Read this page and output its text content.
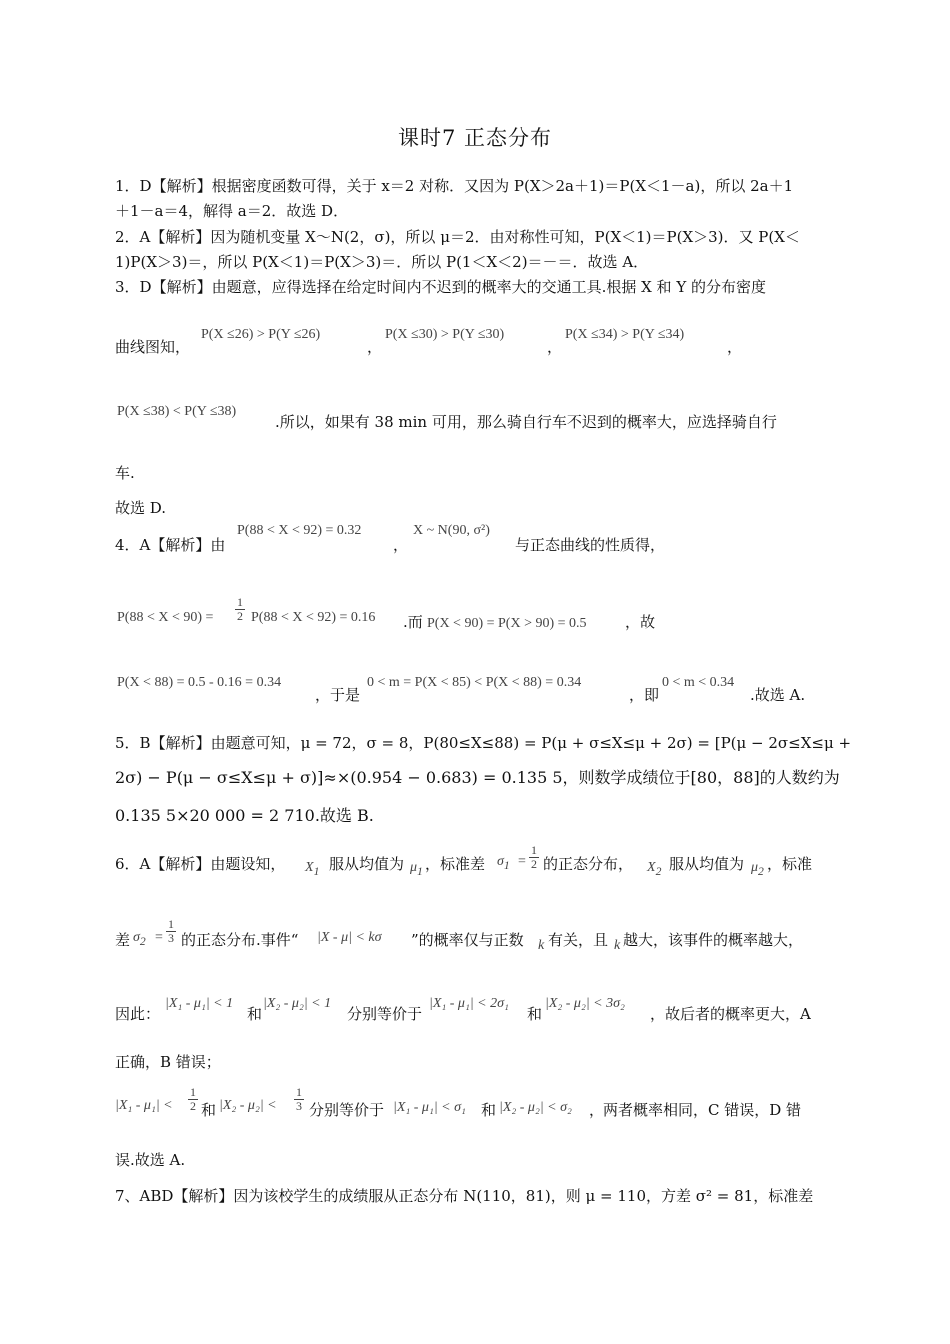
课时7 正态分布
1．D【解析】根据密度函数可得，关于 x＝2 对称．又因为 P(X＞2a＋1)＝P(X＜1－a)，所以 2a＋1
＋1－a＝4，解得 a＝2．故选 D．
2．A【解析】因为随机变量 X～N(2，σ)，所以 μ＝2．由对称性可知，P(X＜1)＝P(X＞3)．又 P(X＜
1)P(X＞3)＝，所以 P(X＜1)＝P(X＞3)＝．所以 P(1＜X＜2)＝－＝．故选 A．
3．D【解析】由题意，应得选择在给定时间内不迟到的概率大的交通工具.根据 X 和 Y 的分布密度
曲线图知，
P(X ≤26) > P(Y ≤26)
，
P(X ≤30) > P(Y ≤30)
，
P(X ≤34) > P(Y ≤34)
，
P(X ≤38) < P(Y ≤38)
.所以，如果有 38 min 可用，那么骑自行车不迟到的概率大，应选择骑自行
车.
故选 D.
4．A【解析】由
P(88 < X < 92) = 0.32
，
X ~ N(90, σ²)
与正态曲线的性质得，
$P(88 < X < 90) = \frac{1}{2} P(88 < X < 92) = 0.16$ .而 P(X < 90) = P(X > 90) = 0.5	，故
P(X < 88) = 0.5 - 0.16 = 0.34
，于是
0 < m = P(X < 85) < P(X < 88) = 0.34
，即
0 < m < 0.34
.故选 A.
5．B【解析】由题意可知，μ = 72，σ = 8，P(80≤X≤88) = P(μ + σ≤X≤μ + 2σ) = [P(μ − 2σ≤X≤μ +
2σ) − P(μ − σ≤X≤μ + σ)]≈×(0.954 − 0.683) = 0.135 5，则数学成绩位于[80，88]的人数约为
0.135 5×20 000 = 2 710.故选 B.
6．A【解析】由题设知， $X_1$ 服从均值为 $\mu_1$ ，标准差 $\sigma_1 = \frac{1}{2}$ 的正态分布， $X_2$ 服从均值为 $\mu_2$ ，标准
差 $\sigma_2 = \frac{1}{3}$ 的正态分布.事件“ |X - μ| < kσ ”的概率仅与正数 k 有关，且 k 越大，该事件的概率越大，
因此：
|X₁ - μ₁| < 1
和
|X₂ - μ₂| < 1
分别等价于
|X₁ - μ₁| < 2σ₁
和
|X₂ - μ₂| < 3σ₂
，故后者的概率更大，A
正确，B 错误；
$|X_1 - \mu_1| < \frac{1}{2}$ 和 $|X_2 - \mu_2| < \frac{1}{3}$ 分别等价于 |X₁ - μ₁| < σ₁ 和 |X₂ - μ₂| < σ₂ ，
两者概率相同，C 错误，D 错
误.故选 A.
7、ABD【解析】因为该校学生的成绩服从正态分布 N(110，81)，则 μ = 110，方差 σ² = 81，标准差
